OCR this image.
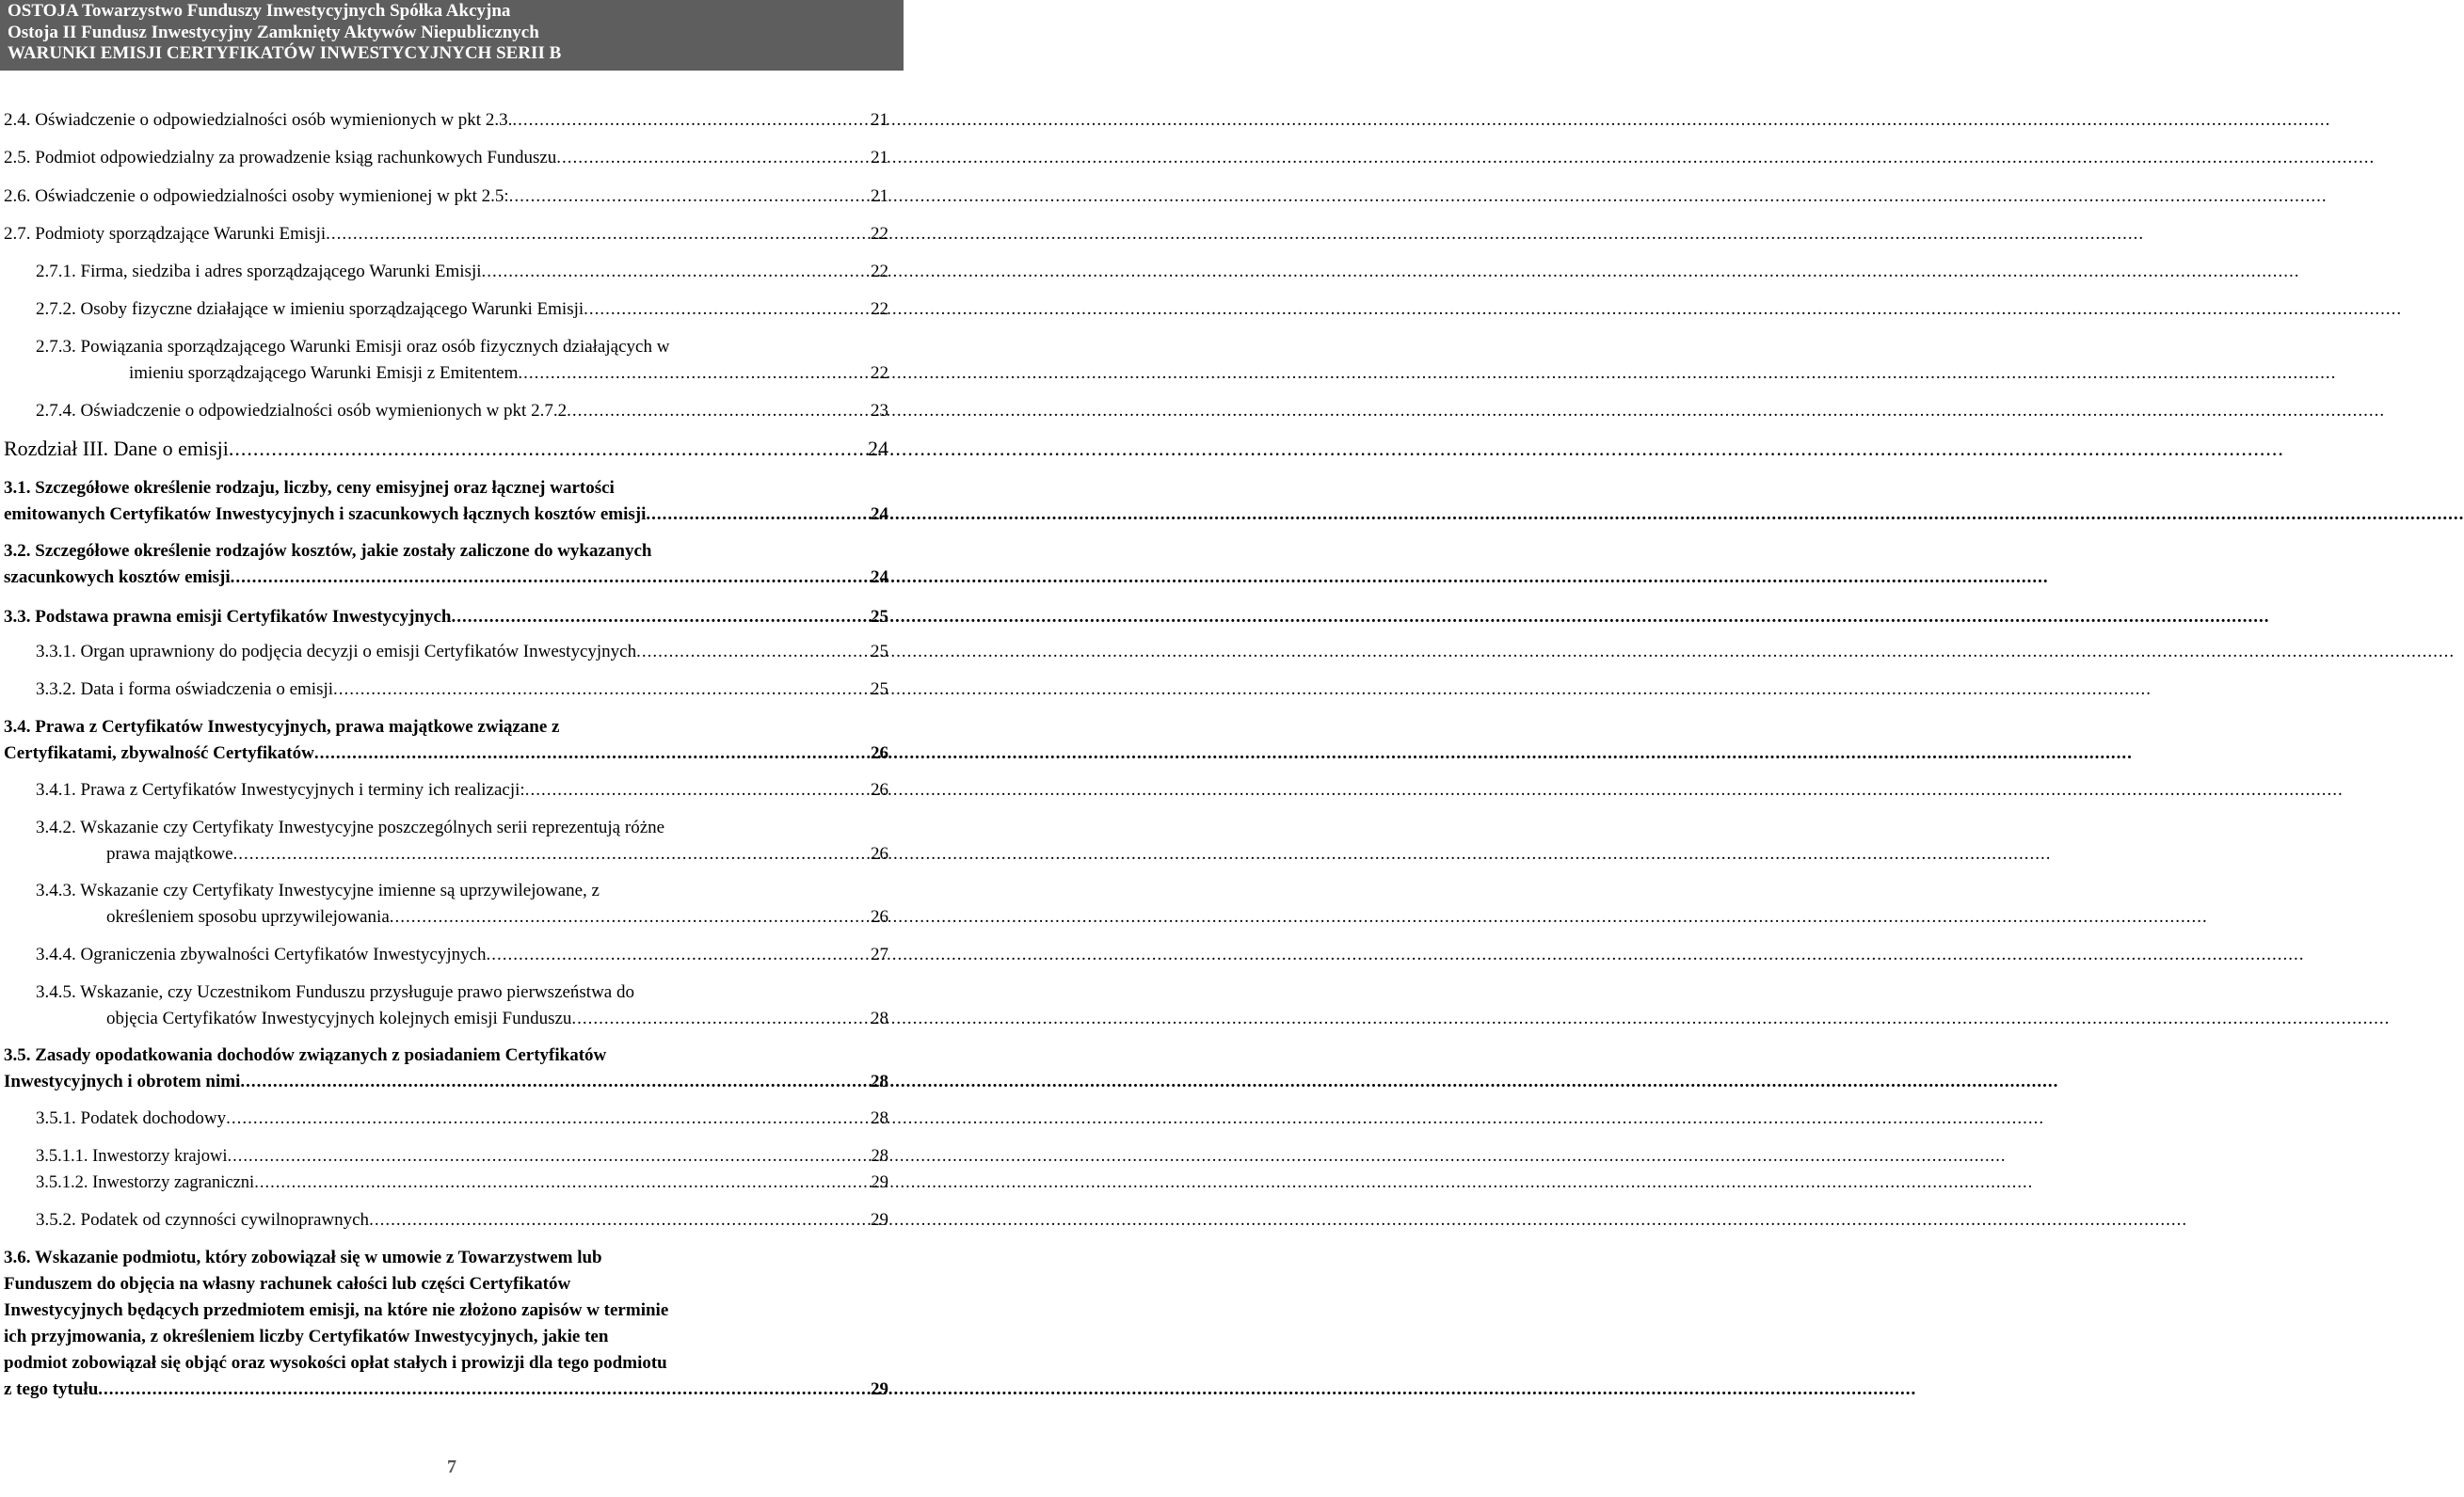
OSTOJA Towarzystwo Funduszy Inwestycyjnych Spółka Akcyjna
Ostoja II Fundusz Inwestycyjny Zamknięty Aktywów Niepublicznych
WARUNKI EMISJI CERTYFIKATÓW INWESTYCYJNYCH SERII B
2.4. Oświadczenie o odpowiedzialności osób wymienionych w pkt 2.3. .....	21
2.5. Podmiot odpowiedzialny za prowadzenie ksiąg rachunkowych Funduszu .....	21
2.6. Oświadczenie o odpowiedzialności osoby wymienionej w pkt 2.5: .....	21
2.7. Podmioty sporządzające Warunki Emisji .....	22
2.7.1. Firma, siedziba i adres sporządzającego Warunki Emisji .....	22
2.7.2. Osoby fizyczne działające w imieniu sporządzającego Warunki Emisji .....	22
2.7.3. Powiązania sporządzającego Warunki Emisji oraz osób fizycznych działających w
imieniu sporządzającego Warunki Emisji z Emitentem .....	22
2.7.4. Oświadczenie o odpowiedzialności osób wymienionych w pkt 2.7.2 .....	23
Rozdział III. Dane o emisji .....	24
3.1. Szczegółowe określenie rodzaju, liczby, ceny emisyjnej oraz łącznej wartości
emitowanych Certyfikatów Inwestycyjnych i szacunkowych łącznych kosztów emisji .....	24
3.2. Szczegółowe określenie rodzajów kosztów, jakie zostały zaliczone do wykazanych
szacunkowych kosztów emisji .....	24
3.3. Podstawa prawna emisji Certyfikatów Inwestycyjnych .....	25
3.3.1. Organ uprawniony do podjęcia decyzji o emisji Certyfikatów Inwestycyjnych .....	25
3.3.2. Data i forma oświadczenia o emisji .....	25
3.4. Prawa z Certyfikatów Inwestycyjnych, prawa majątkowe związane z
Certyfikatami, zbywalność Certyfikatów .....	26
3.4.1. Prawa z Certyfikatów Inwestycyjnych i terminy ich realizacji: .....	26
3.4.2. Wskazanie czy Certyfikaty Inwestycyjne poszczególnych serii reprezentują różne
prawa majątkowe .....	26
3.4.3. Wskazanie czy Certyfikaty Inwestycyjne imienne są uprzywilejowane, z
określeniem sposobu uprzywilejowania .....	26
3.4.4. Ograniczenia zbywalności Certyfikatów Inwestycyjnych .....	27
3.4.5. Wskazanie, czy Uczestnikom Funduszu przysługuje prawo pierwszeństwa do
objęcia Certyfikatów Inwestycyjnych kolejnych emisji Funduszu .....	28
3.5. Zasady opodatkowania dochodów związanych z posiadaniem Certyfikatów
Inwestycyjnych i obrotem nimi .....	28
3.5.1. Podatek dochodowy .....	28
3.5.1.1. Inwestorzy krajowi .....	28
3.5.1.2. Inwestorzy zagraniczni .....	29
3.5.2. Podatek od czynności cywilnoprawnych .....	29
3.6. Wskazanie podmiotu, który zobowiązał się w umowie z Towarzystwem lub
Funduszem do objęcia na własny rachunek całości lub części Certyfikatów
Inwestycyjnych będących przedmiotem emisji, na które nie złożono zapisów w terminie
ich przyjmowania, z określeniem liczby Certyfikatów Inwestycyjnych, jakie ten
podmiot zobowiązał się objąć oraz wysokości opłat stałych i prowizji dla tego podmiotu
z tego tytułu .....	29
7
